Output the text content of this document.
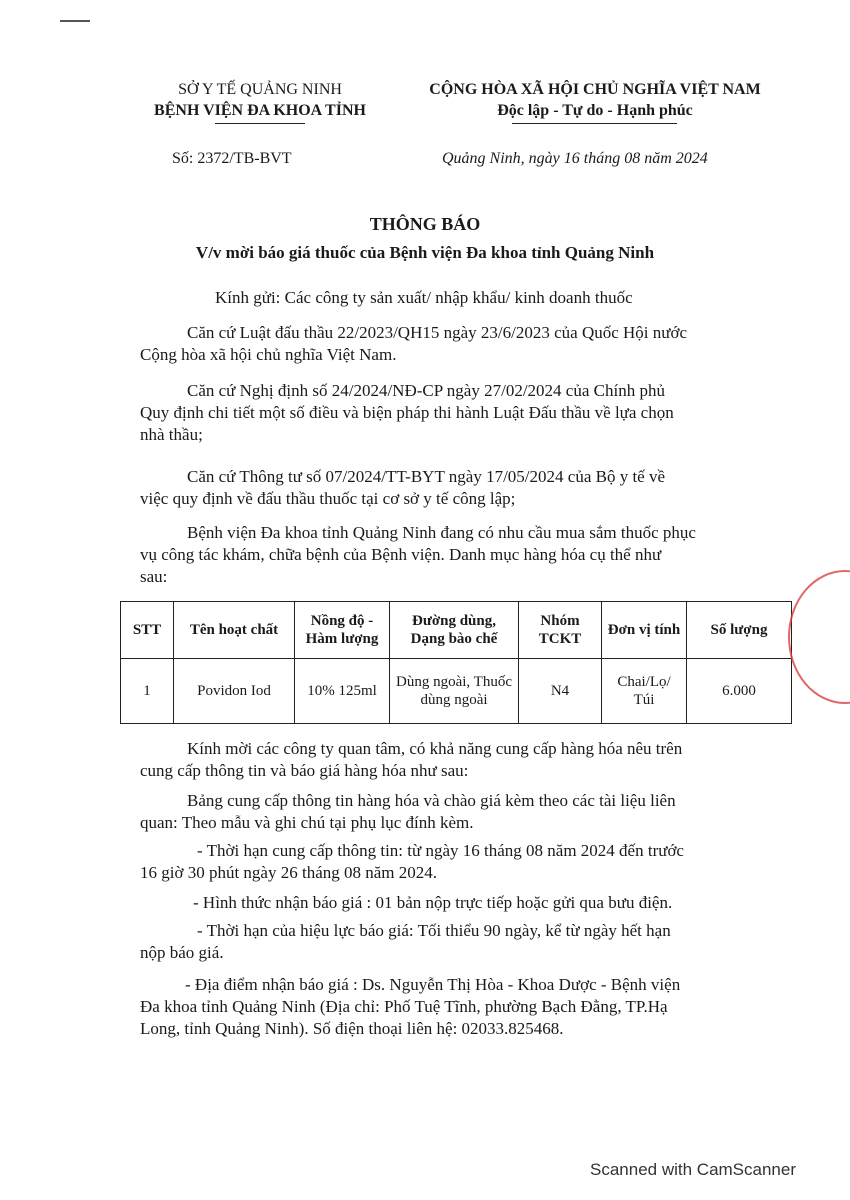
SỞ Y TẾ QUẢNG NINH
BỆNH VIỆN ĐA KHOA TỈNH
CỘNG HÒA XÃ HỘI CHỦ NGHĨA VIỆT NAM
Độc lập - Tự do - Hạnh phúc
Số: 2372/TB-BVT	Quảng Ninh, ngày 16 tháng 08 năm 2024
THÔNG BÁO
V/v mời báo giá thuốc của Bệnh viện Đa khoa tỉnh Quảng Ninh
Kính gửi: Các công ty sản xuất/ nhập khẩu/ kinh doanh thuốc
Căn cứ Luật đấu thầu 22/2023/QH15 ngày 23/6/2023 của Quốc Hội nước
Cộng hòa xã hội chủ nghĩa Việt Nam.
Căn cứ Nghị định số 24/2024/NĐ-CP ngày 27/02/2024 của Chính phủ
Quy định chi tiết một số điều và biện pháp thi hành Luật Đấu thầu về lựa chọn
nhà thầu;
Căn cứ Thông tư số 07/2024/TT-BYT ngày 17/05/2024 của Bộ y tế về
việc quy định về đấu thầu thuốc tại cơ sở y tế công lập;
Bệnh viện Đa khoa tỉnh Quảng Ninh đang có nhu cầu mua sắm thuốc phục
vụ công tác khám, chữa bệnh của Bệnh viện. Danh mục hàng hóa cụ thể như
sau:
STT	Tên hoạt chất	Nồng độ - Hàm lượng	Đường dùng, Dạng bào chế	Nhóm TCKT	Đơn vị tính	Số lượng
1	Povidon Iod	10% 125ml	Dùng ngoài, Thuốc dùng ngoài	N4	Chai/Lọ/ Túi	6.000
Kính mời các công ty quan tâm, có khả năng cung cấp hàng hóa nêu trên
cung cấp thông tin và báo giá hàng hóa như sau:
Bảng cung cấp thông tin hàng hóa và chào giá kèm theo các tài liệu liên
quan: Theo mẫu và ghi chú tại phụ lục đính kèm.
- Thời hạn cung cấp thông tin: từ ngày 16 tháng 08 năm 2024 đến trước
16 giờ 30 phút ngày 26 tháng 08 năm 2024.
- Hình thức nhận báo giá : 01 bản nộp trực tiếp hoặc gửi qua bưu điện.
- Thời hạn của hiệu lực báo giá: Tối thiểu 90 ngày, kể từ ngày hết hạn
nộp báo giá.
- Địa điểm nhận báo giá : Ds. Nguyễn Thị Hòa - Khoa Dược - Bệnh viện
Đa khoa tỉnh Quảng Ninh (Địa chỉ: Phố Tuệ Tĩnh, phường Bạch Đằng, TP.Hạ
Long, tỉnh Quảng Ninh). Số điện thoại liên hệ: 02033.825468.
Scanned with CamScanner
